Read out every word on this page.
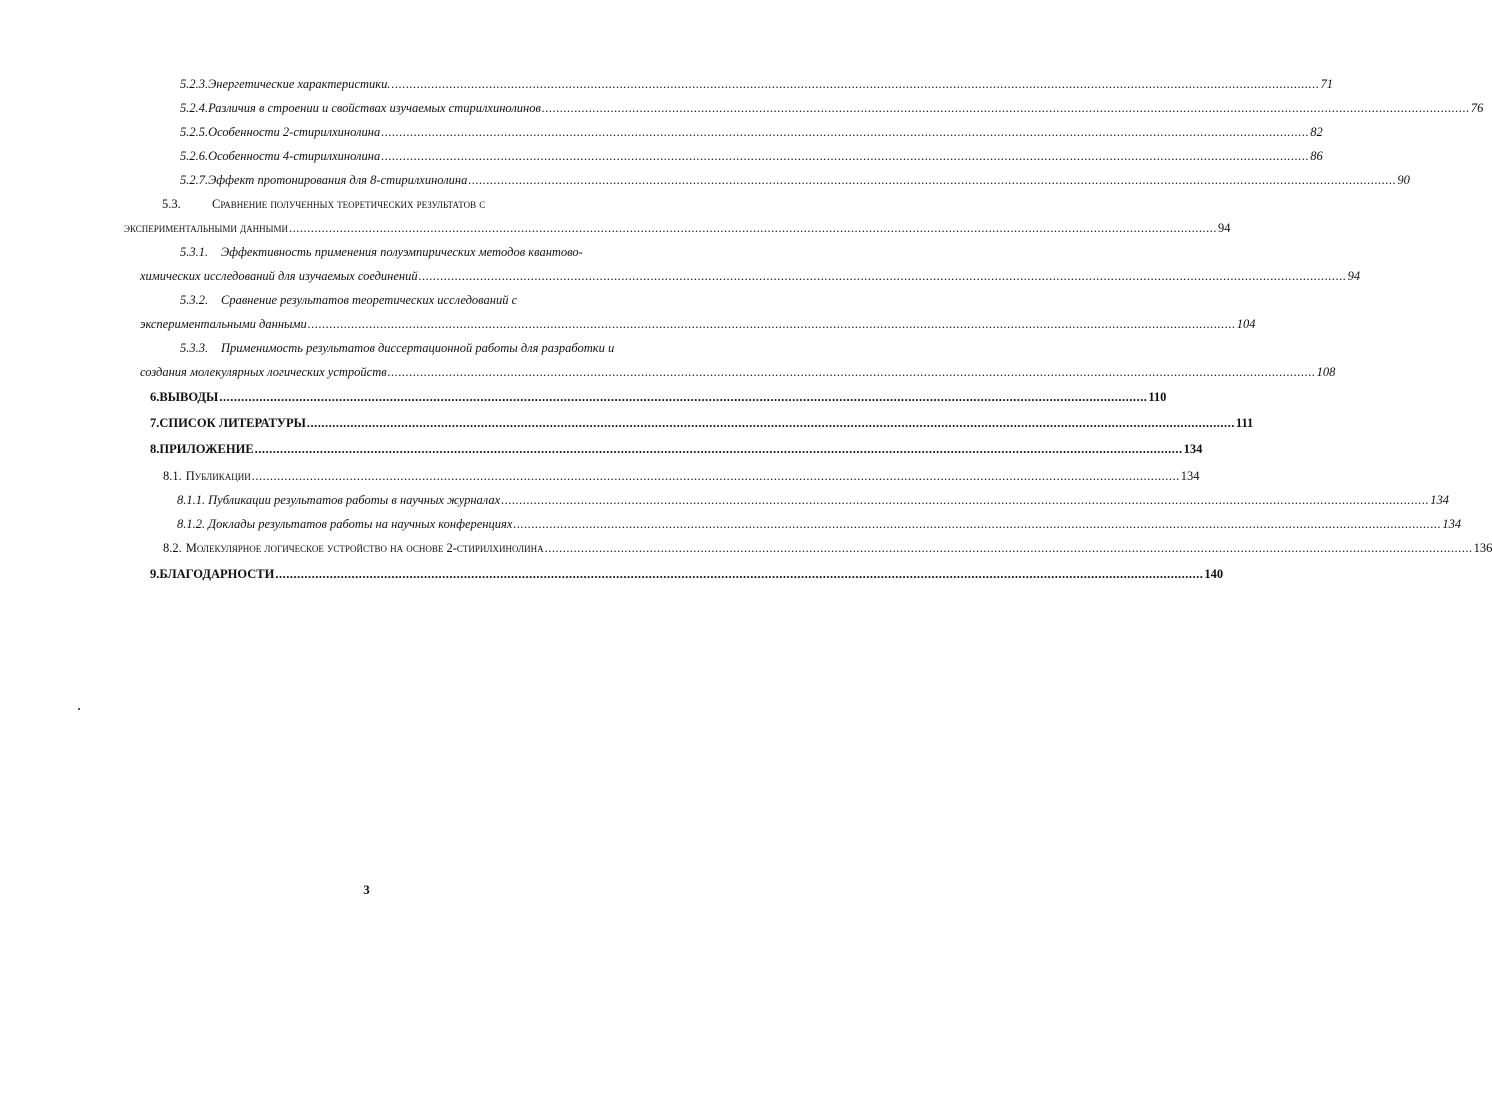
5.2.3. Энергетические характеристики. .....	71
5.2.4. Различия в строении и свойствах изучаемых стирилхинолинов .....	76
5.2.5. Особенности 2-стирилхинолина .....	82
5.2.6. Особенности 4-стирилхинолина .....	86
5.2.7. Эффект протонирования для 8-стирилхинолина .....	90
5.3.	Сравнение полученных теоретических результатов с
экспериментальными данными .....	94
5.3.1.	Эффективность применения полуэмпирических методов квантово-
химических исследований для изучаемых соединений .....	94
5.3.2.	Сравнение результатов теоретических исследований с
экспериментальными данными .....	104
5.3.3.	Применимость результатов диссертационной работы для разработки и
создания молекулярных логических устройств .....	108
6. ВЫВОДЫ .....	110
7. СПИСОК ЛИТЕРАТУРЫ .....	111
8. ПРИЛОЖЕНИЕ .....	134
8.1. Публикации .....	134
8.1.1. Публикации результатов работы в научных журналах .....	134
8.1.2. Доклады результатов работы на научных конференциях .....	134
8.2. Молекулярное логическое устройство на основе 2-стирилхинолина .....	136
9. БЛАГОДАРНОСТИ .....	140
3
